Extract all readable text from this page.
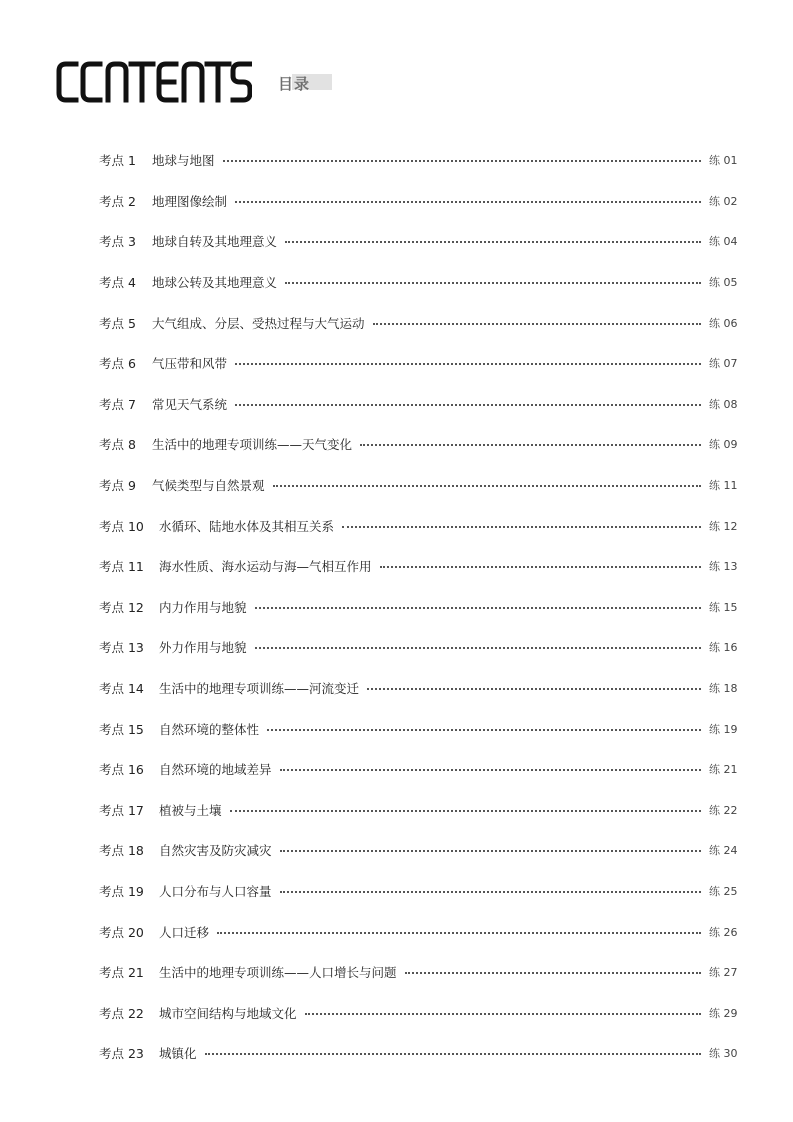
目录
考点 1	地球与地图	练 01
考点 2	地理图像绘制	练 02
考点 3	地球自转及其地理意义	练 04
考点 4	地球公转及其地理意义	练 05
考点 5	大气组成、分层、受热过程与大气运动	练 06
考点 6	气压带和风带	练 07
考点 7	常见天气系统	练 08
考点 8	生活中的地理专项训练——天气变化	练 09
考点 9	气候类型与自然景观	练 11
考点 10	水循环、陆地水体及其相互关系	练 12
考点 11	海水性质、海水运动与海—气相互作用	练 13
考点 12	内力作用与地貌	练 15
考点 13	外力作用与地貌	练 16
考点 14	生活中的地理专项训练——河流变迁	练 18
考点 15	自然环境的整体性	练 19
考点 16	自然环境的地域差异	练 21
考点 17	植被与土壤	练 22
考点 18	自然灾害及防灾减灾	练 24
考点 19	人口分布与人口容量	练 25
考点 20	人口迁移	练 26
考点 21	生活中的地理专项训练——人口增长与问题	练 27
考点 22	城市空间结构与地域文化	练 29
考点 23	城镇化	练 30
